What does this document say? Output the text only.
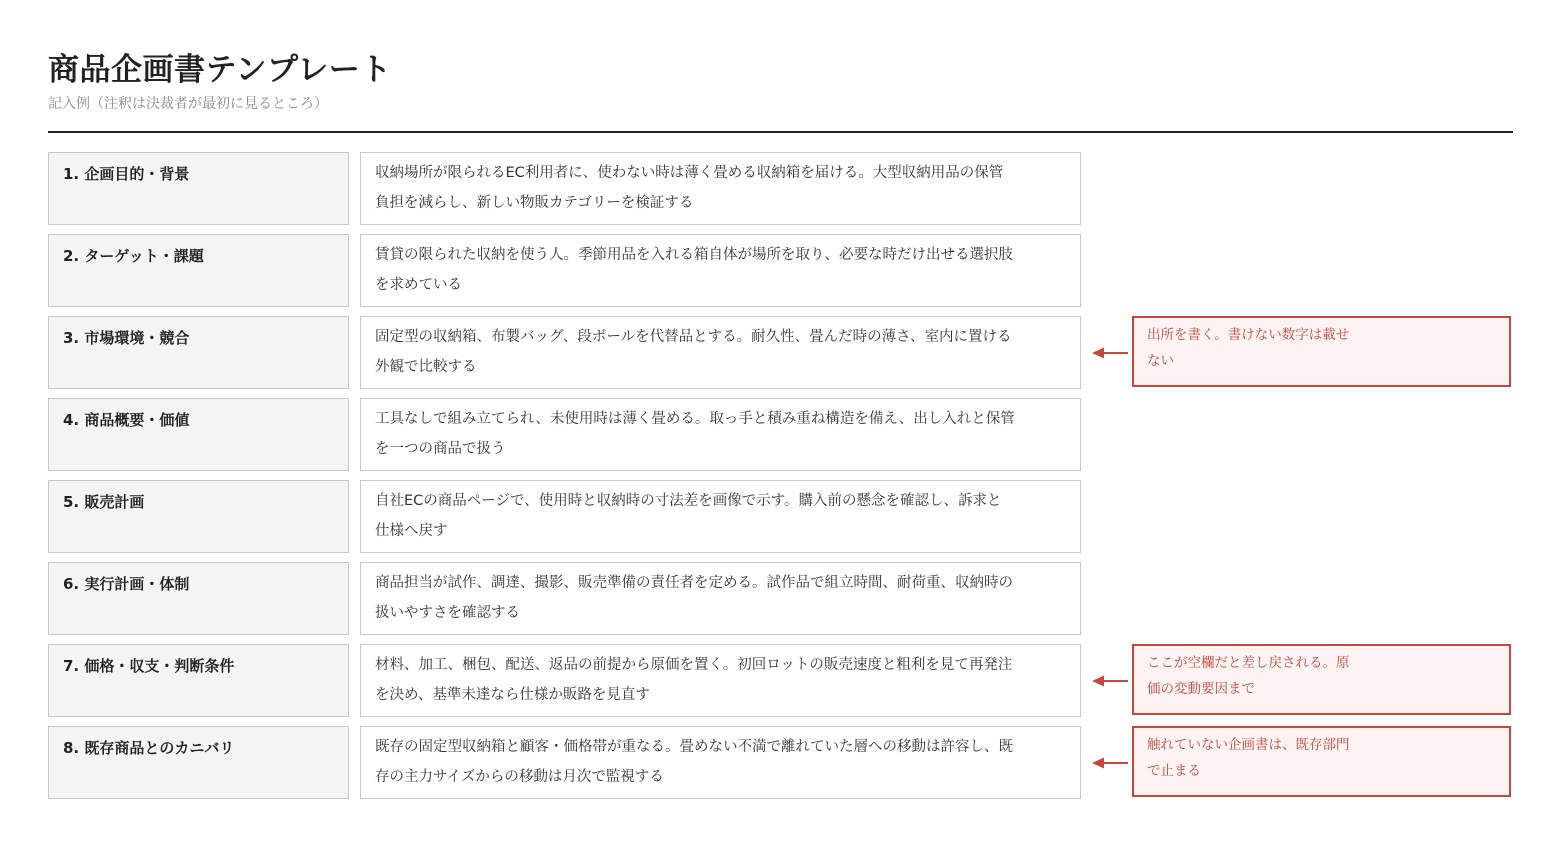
商品企画書テンプレート
記入例（注釈は決裁者が最初に見るところ）
1. 企画目的・背景	収納場所が限られるEC利用者に、使わない時は薄く畳める収納箱を届ける。大型収納用品の保管負担を減らし、新しい物販カテゴリーを検証する
2. ターゲット・課題	賃貸の限られた収納を使う人。季節用品を入れる箱自体が場所を取り、必要な時だけ出せる選択肢を求めている
3. 市場環境・競合	固定型の収納箱、布製バッグ、段ボールを代替品とする。耐久性、畳んだ時の薄さ、室内に置ける外観で比較する
出所を書く。書けない数字は載せない
4. 商品概要・価値	工具なしで組み立てられ、未使用時は薄く畳める。取っ手と積み重ね構造を備え、出し入れと保管を一つの商品で扱う
5. 販売計画	自社ECの商品ページで、使用時と収納時の寸法差を画像で示す。購入前の懸念を確認し、訴求と仕様へ戻す
6. 実行計画・体制	商品担当が試作、調達、撮影、販売準備の責任者を定める。試作品で組立時間、耐荷重、収納時の扱いやすさを確認する
7. 価格・収支・判断条件	材料、加工、梱包、配送、返品の前提から原価を置く。初回ロットの販売速度と粗利を見て再発注を決め、基準未達なら仕様か販路を見直す
ここが空欄だと差し戻される。原価の変動要因まで
8. 既存商品とのカニバリ	既存の固定型収納箱と顧客・価格帯が重なる。畳めない不満で離れていた層への移動は許容し、既存の主力サイズからの移動は月次で監視する
触れていない企画書は、既存部門で止まる
